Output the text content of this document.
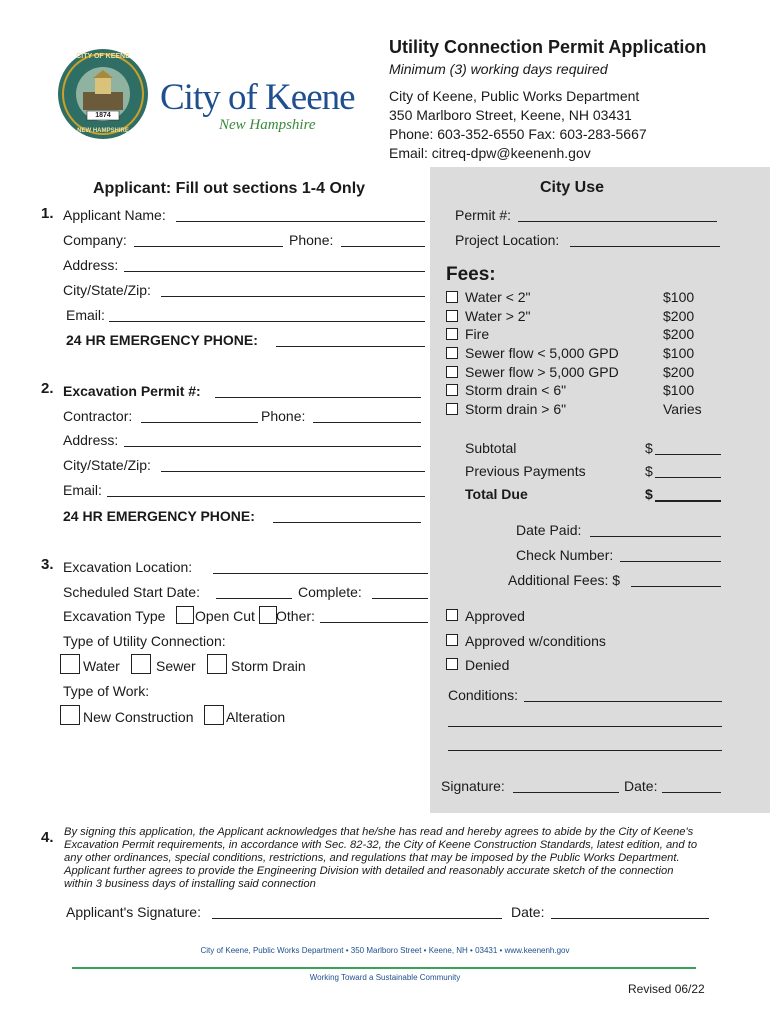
CITY OF KEENE
1874
NEW HAMPSHIRE
City of Keene
New Hampshire
Utility Connection Permit Application
Minimum (3) working days required
City of Keene, Public Works Department
350 Marlboro Street, Keene, NH 03431
Phone: 603-352-6550 Fax: 603-283-5667
Email: citreq-dpw@keenenh.gov
Applicant: Fill out sections 1-4 Only
1. Applicant Name:
Company:	Phone:
Address:
City/State/Zip:
Email:
24 HR EMERGENCY PHONE:
2. Excavation Permit #:
Contractor:	Phone:
Address:
City/State/Zip:
Email:
24 HR EMERGENCY PHONE:
3. Excavation Location:
Scheduled Start Date:	Complete:
Excavation Type Open Cut Other:
Type of Utility Connection:
Water	Sewer	Storm Drain
Type of Work:
New Construction Alteration
City Use
Permit #:
Project Location:
Fees:
Water < 2"	$100
Water > 2"	$200
Fire	$200
Sewer flow < 5,000 GPD	$100
Sewer flow > 5,000 GPD	$200
Storm drain < 6"	$100
Storm drain > 6"	Varies
Subtotal	$
Previous Payments	$
Total Due	$
Date Paid:
Check Number:
Additional Fees: $
Approved
Approved w/conditions
Denied
Conditions:
Signature:	Date:
4. By signing this application, the Applicant acknowledges that he/she has read and hereby agrees to abide by the City of Keene's Excavation Permit requirements, in accordance with Sec. 82-32, the City of Keene Construction Standards, latest edition, and to any other ordinances, special conditions, restrictions, and regulations that may be imposed by the Public Works Department. Applicant further agrees to provide the Engineering Division with detailed and reasonably accurate sketch of the connection within 3 business days of installing said connection
Applicant's Signature:	Date:
City of Keene, Public Works Department • 350 Marlboro Street • Keene, NH • 03431 • www.keenenh.gov
Working Toward a Sustainable Community
Revised 06/22
